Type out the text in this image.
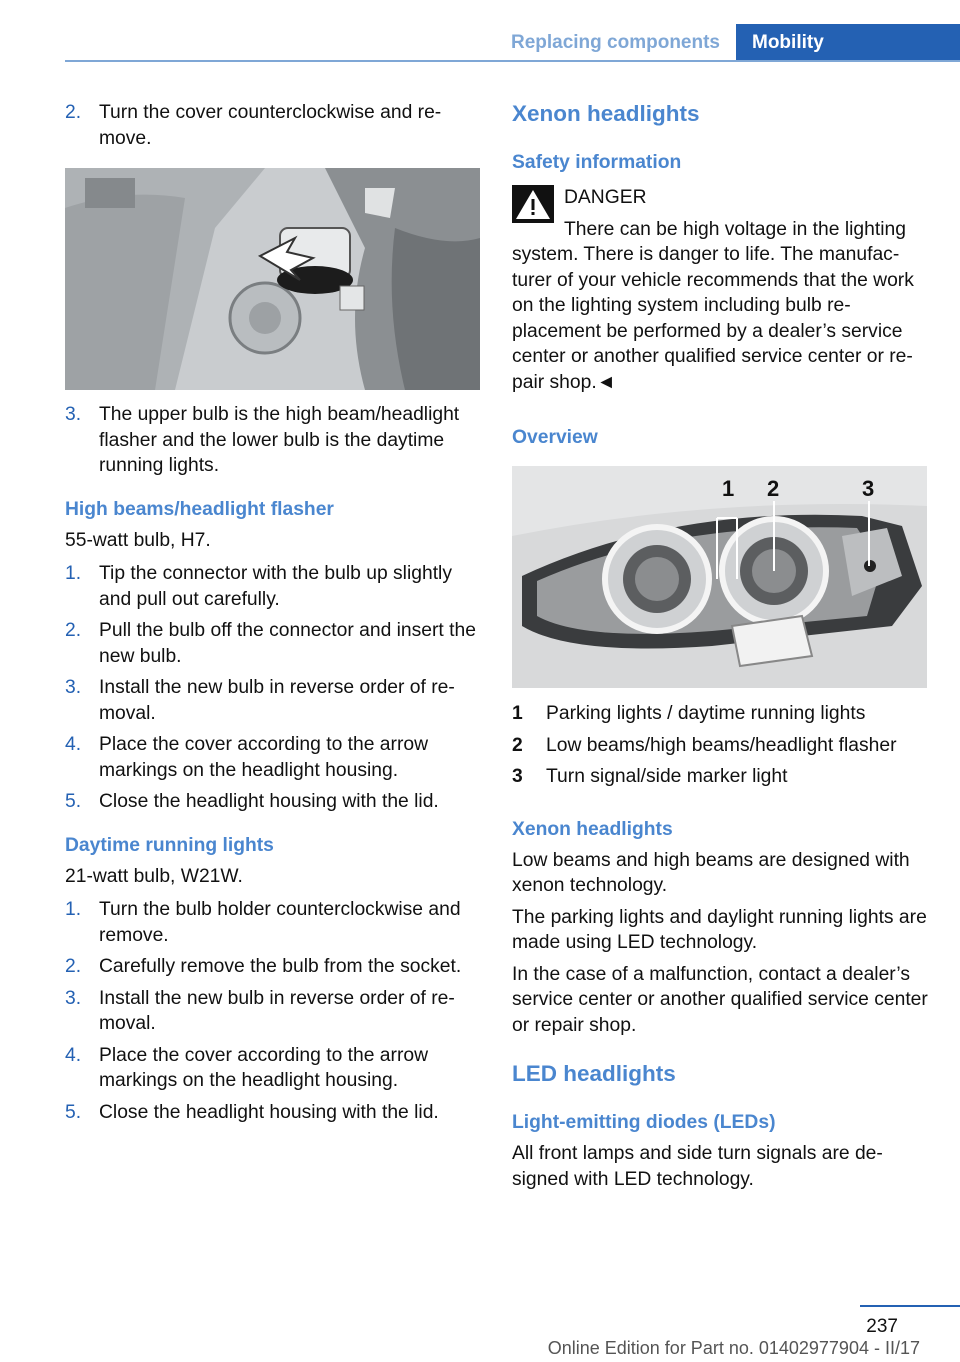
Replacing components	Mobility
2. Turn the cover counterclockwise and remove.
3. The upper bulb is the high beam/headlight flasher and the lower bulb is the daytime running lights.

High beams/headlight flasher

55‑watt bulb, H7.

1. Tip the connector with the bulb up slightly and pull out carefully.
2. Pull the bulb off the connector and insert the new bulb.
3. Install the new bulb in reverse order of removal.
4. Place the cover according to the arrow markings on the headlight housing.
5. Close the headlight housing with the lid.

Daytime running lights

21‑watt bulb, W21W.

1. Turn the bulb holder counterclockwise and remove.
2. Carefully remove the bulb from the socket.
3. Install the new bulb in reverse order of removal.
4. Place the cover according to the arrow markings on the headlight housing.
5. Close the headlight housing with the lid.

Xenon headlights

Safety information

DANGER

There can be high voltage in the lighting system. There is danger to life. The manufacturer of your vehicle recommends that the work on the lighting system including bulb replacement be performed by a dealer’s service center or another qualified service center or repair shop.◄

Overview

1 2	3
1	Parking lights / daytime running lights
2	Low beams/high beams/headlight flasher
3	Turn signal/side marker light

Xenon headlights

Low beams and high beams are designed with xenon technology.

The parking lights and daylight running lights are made using LED technology.

In the case of a malfunction, contact a dealer’s service center or another qualified service center or repair shop.

LED headlights

Light-emitting diodes (LEDs)

All front lamps and side turn signals are designed with LED technology.

237
Online Edition for Part no. 01402977904 - II/17
